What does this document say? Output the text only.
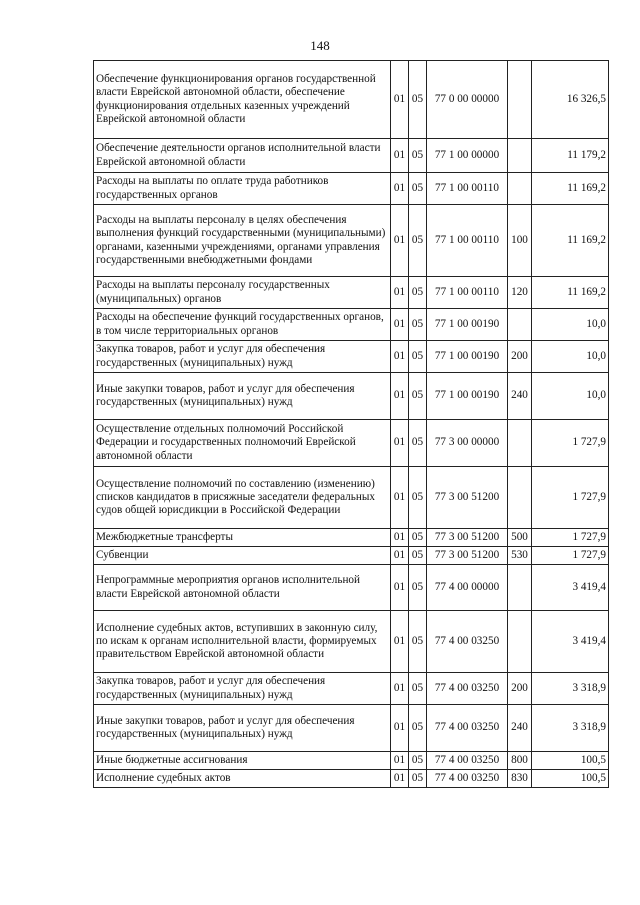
148
Обеспечение функционирования органов государственной власти Еврейской автономной области, обеспечение функционирования отдельных казенных учреждений Еврейской автономной области	01	05	77 0 00 00000		16 326,5
Обеспечение деятельности органов исполнительной власти Еврейской автономной области	01	05	77 1 00 00000		11 179,2
Расходы на выплаты по оплате труда работников государственных органов	01	05	77 1 00 00110		11 169,2
Расходы на выплаты персоналу в целях обеспечения выполнения функций государственными (муниципальными) органами, казенными учреждениями, органами управления государственными внебюджетными фондами	01	05	77 1 00 00110	100	11 169,2
Расходы на выплаты персоналу государственных (муниципальных) органов	01	05	77 1 00 00110	120	11 169,2
Расходы на обеспечение функций государственных органов, в том числе территориальных органов	01	05	77 1 00 00190		10,0
Закупка товаров, работ и услуг для обеспечения государственных (муниципальных) нужд	01	05	77 1 00 00190	200	10,0
Иные закупки товаров, работ и услуг для обеспечения государственных (муниципальных) нужд	01	05	77 1 00 00190	240	10,0
Осуществление отдельных полномочий Российской Федерации и государственных полномочий Еврейской автономной области	01	05	77 3 00 00000		1 727,9
Осуществление полномочий по составлению (изменению) списков кандидатов в присяжные заседатели федеральных судов общей юрисдикции в Российской Федерации	01	05	77 3 00 51200		1 727,9
Межбюджетные трансферты	01	05	77 3 00 51200	500	1 727,9
Субвенции	01	05	77 3 00 51200	530	1 727,9
Непрограммные мероприятия органов исполнительной власти Еврейской автономной области	01	05	77 4 00 00000		3 419,4
Исполнение судебных актов, вступивших в законную силу, по искам к органам исполнительной власти, формируемых правительством Еврейской автономной области	01	05	77 4 00 03250		3 419,4
Закупка товаров, работ и услуг для обеспечения государственных (муниципальных) нужд	01	05	77 4 00 03250	200	3 318,9
Иные закупки товаров, работ и услуг для обеспечения государственных (муниципальных) нужд	01	05	77 4 00 03250	240	3 318,9
Иные бюджетные ассигнования	01	05	77 4 00 03250	800	100,5
Исполнение судебных актов	01	05	77 4 00 03250	830	100,5
